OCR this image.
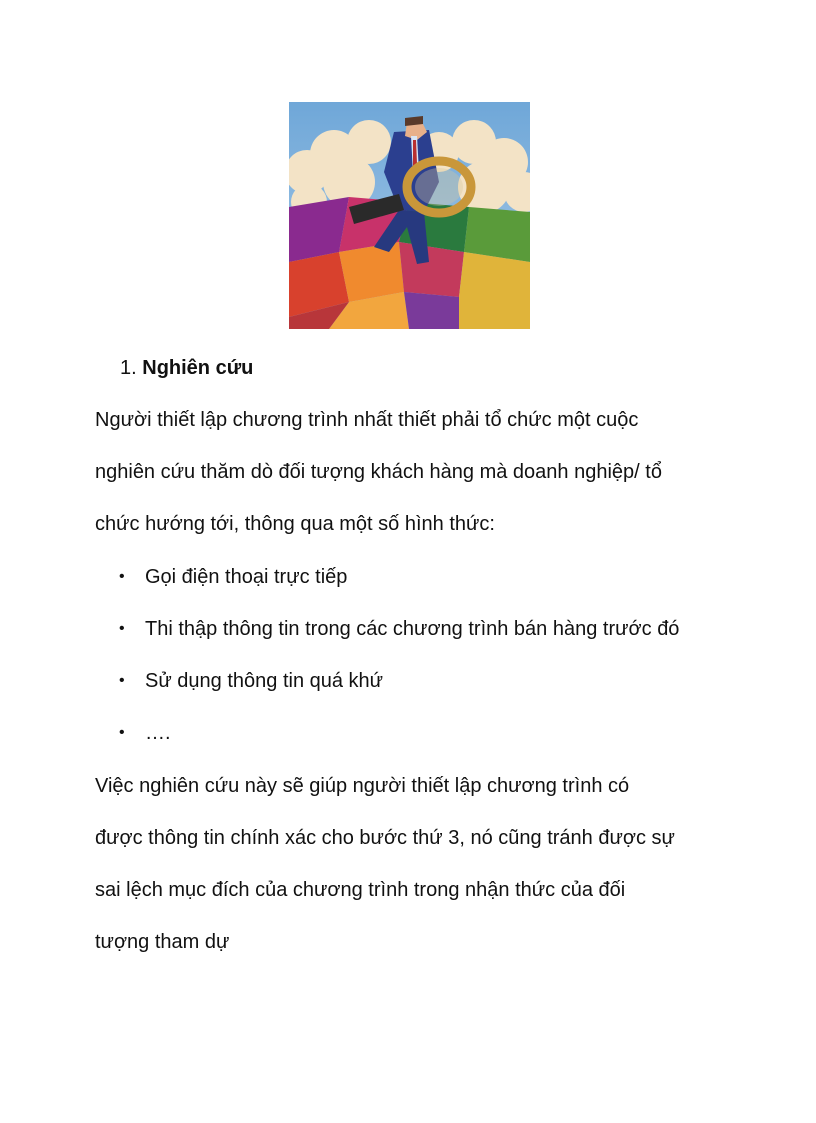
1. Nghiên cứu
Người thiết lập chương trình nhất thiết phải tổ chức một cuộc
nghiên cứu thăm dò đối tượng khách hàng mà doanh nghiệp/ tổ
chức hướng tới, thông qua một số hình thức:
• Gọi điện thoại trực tiếp
• Thi thập thông tin trong các chương trình bán hàng trước đó
• Sử dụng thông tin quá khứ
• ….
Việc nghiên cứu này sẽ giúp người thiết lập chương trình có
được thông tin chính xác cho bước thứ 3, nó cũng tránh được sự
sai lệch mục đích của chương trình trong nhận thức của đối
tượng tham dự
